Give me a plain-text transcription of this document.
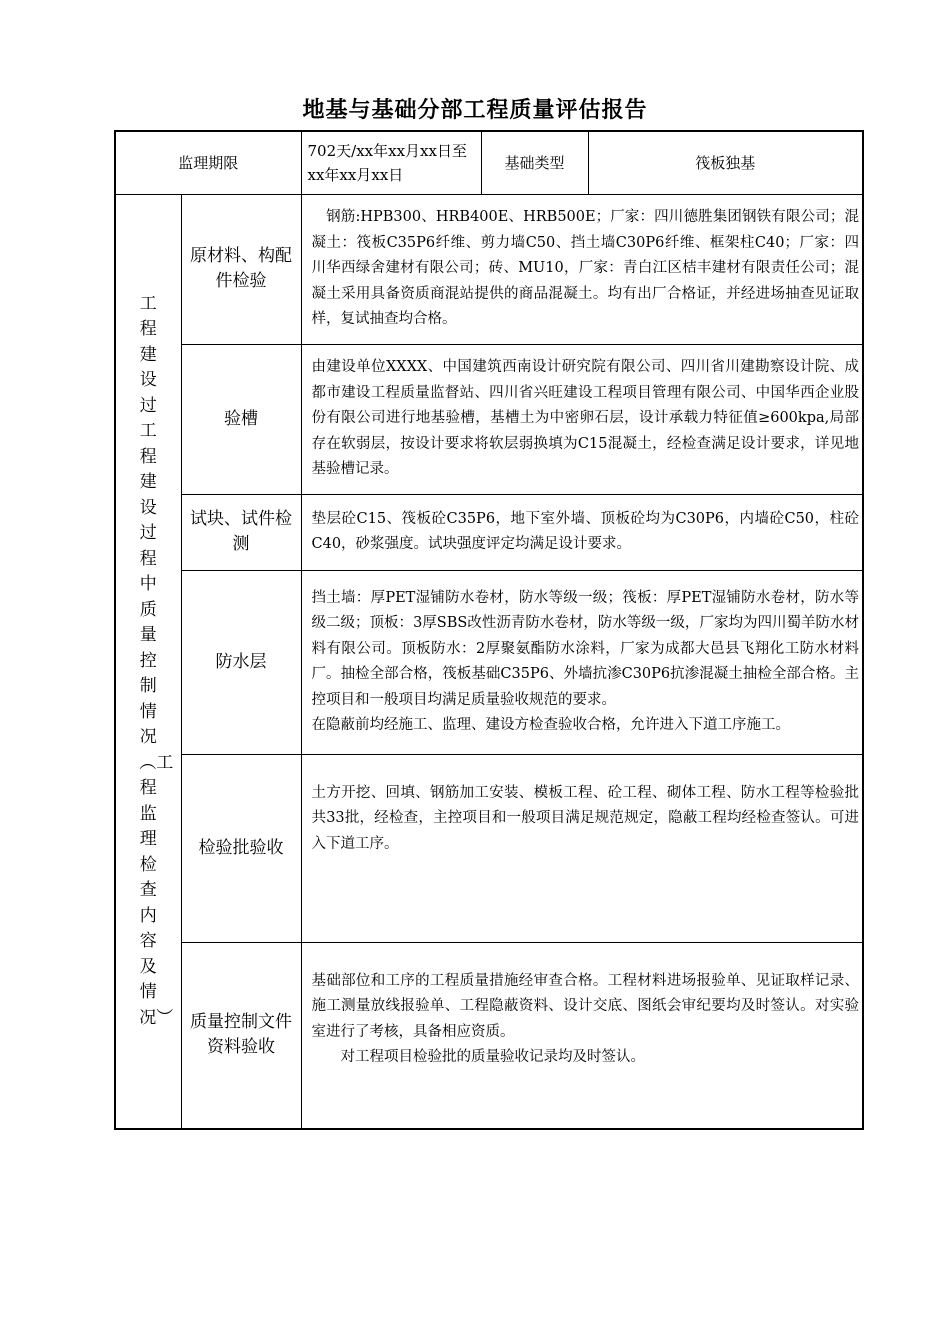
地基与基础分部工程质量评估报告
监理期限		702天/xx年xx月xx日至xx年xx月xx日	基础类型	筏板独基

工程建设过工程建设过程中质量控制情况︵工程监理检查内容及情况︶	原材料、构配件检验	　钢筋:HPB300、HRB400E、HRB500E；厂家：四川德胜集团钢铁有限公司；混凝土：筏板C35P6纤维、剪力墙C50、挡土墙C30P6纤维、框架柱C40；厂家：四川华西绿舍建材有限公司；砖、MU10，厂家：青白江区桔丰建材有限责任公司；混凝土采用具备资质商混站提供的商品混凝土。均有出厂合格证，并经进场抽查见证取样，复试抽查均合格。		

	验槽	由建设单位XXXX、中国建筑西南设计研究院有限公司、四川省川建勘察设计院、成都市建设工程质量监督站、四川省兴旺建设工程项目管理有限公司、中国华西企业股份有限公司进行地基验槽，基槽土为中密卵石层，设计承载力特征值≥600kpa,局部存在软弱层，按设计要求将软层弱换填为C15混凝土，经检查满足设计要求，详见地基验槽记录。		

	试块、试件检测	垫层砼C15、筏板砼C35P6，地下室外墙、顶板砼均为C30P6，内墙砼C50，柱砼C40，砂浆强度。试块强度评定均满足设计要求。		

	防水层	挡土墙：厚PET湿铺防水卷材，防水等级一级；筏板：厚PET湿铺防水卷材，防水等级二级；顶板：3厚SBS改性沥青防水卷材，防水等级一级，厂家均为四川蜀羊防水材料有限公司。顶板防水：2厚聚氨酯防水涂料，厂家为成都大邑县飞翔化工防水材料厂。抽检全部合格，筏板基础C35P6、外墙抗渗C30P6抗渗混凝土抽检全部合格。主控项目和一般项目均满足质量验收规范的要求。

在隐蔽前均经施工、监理、建设方检查验收合格，允许进入下道工序施工。		

	检验批验收	土方开挖、回填、钢筋加工安装、模板工程、砼工程、砌体工程、防水工程等检验批共33批，经检查，主控项目和一般项目满足规范规定，隐蔽工程均经检查签认。可进入下道工序。		

	质量控制文件资料验收	基础部位和工序的工程质量措施经审查合格。工程材料进场报验单、见证取样记录、施工测量放线报验单、工程隐蔽资料、设计交底、图纸会审纪要均及时签认。对实验室进行了考核，具备相应资质。

对工程项目检验批的质量验收记录均及时签认。		
